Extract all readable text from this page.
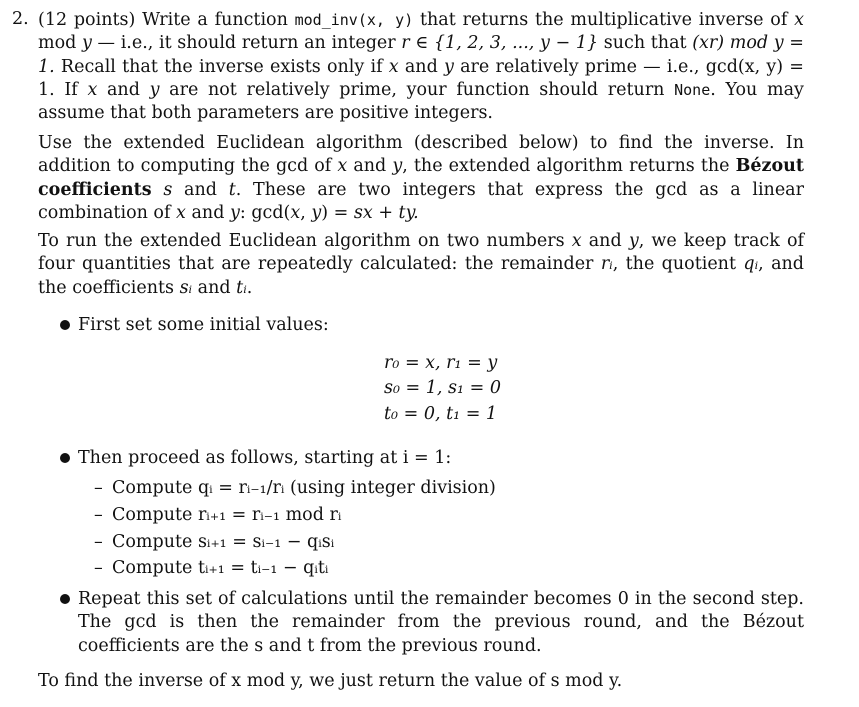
2. (12 points) Write a function mod_inv(x, y) that returns the multiplicative inverse of x mod y — i.e., it should return an integer r ∈ {1, 2, 3, ..., y − 1} such that (xr) mod y = 1. Recall that the inverse exists only if x and y are relatively prime — i.e., gcd(x, y) = 1. If x and y are not relatively prime, your function should return None. You may assume that both parameters are positive integers.
Use the extended Euclidean algorithm (described below) to find the inverse. In addition to computing the gcd of x and y, the extended algorithm returns the Bézout coefficients s and t. These are two integers that express the gcd as a linear combination of x and y: gcd(x, y) = sx + ty.
To run the extended Euclidean algorithm on two numbers x and y, we keep track of four quantities that are repeatedly calculated: the remainder rᵢ, the quotient qᵢ, and the coefficients sᵢ and tᵢ.
First set some initial values:
r₀ = x, r₁ = y
s₀ = 1, s₁ = 0
t₀ = 0, t₁ = 1
Then proceed as follows, starting at i = 1:
– Compute qᵢ = rᵢ₋₁/rᵢ (using integer division)
– Compute rᵢ₊₁ = rᵢ₋₁ mod rᵢ
– Compute sᵢ₊₁ = sᵢ₋₁ − qᵢsᵢ
– Compute tᵢ₊₁ = tᵢ₋₁ − qᵢtᵢ
Repeat this set of calculations until the remainder becomes 0 in the second step. The gcd is then the remainder from the previous round, and the Bézout coefficients are the s and t from the previous round.
To find the inverse of x mod y, we just return the value of s mod y.
